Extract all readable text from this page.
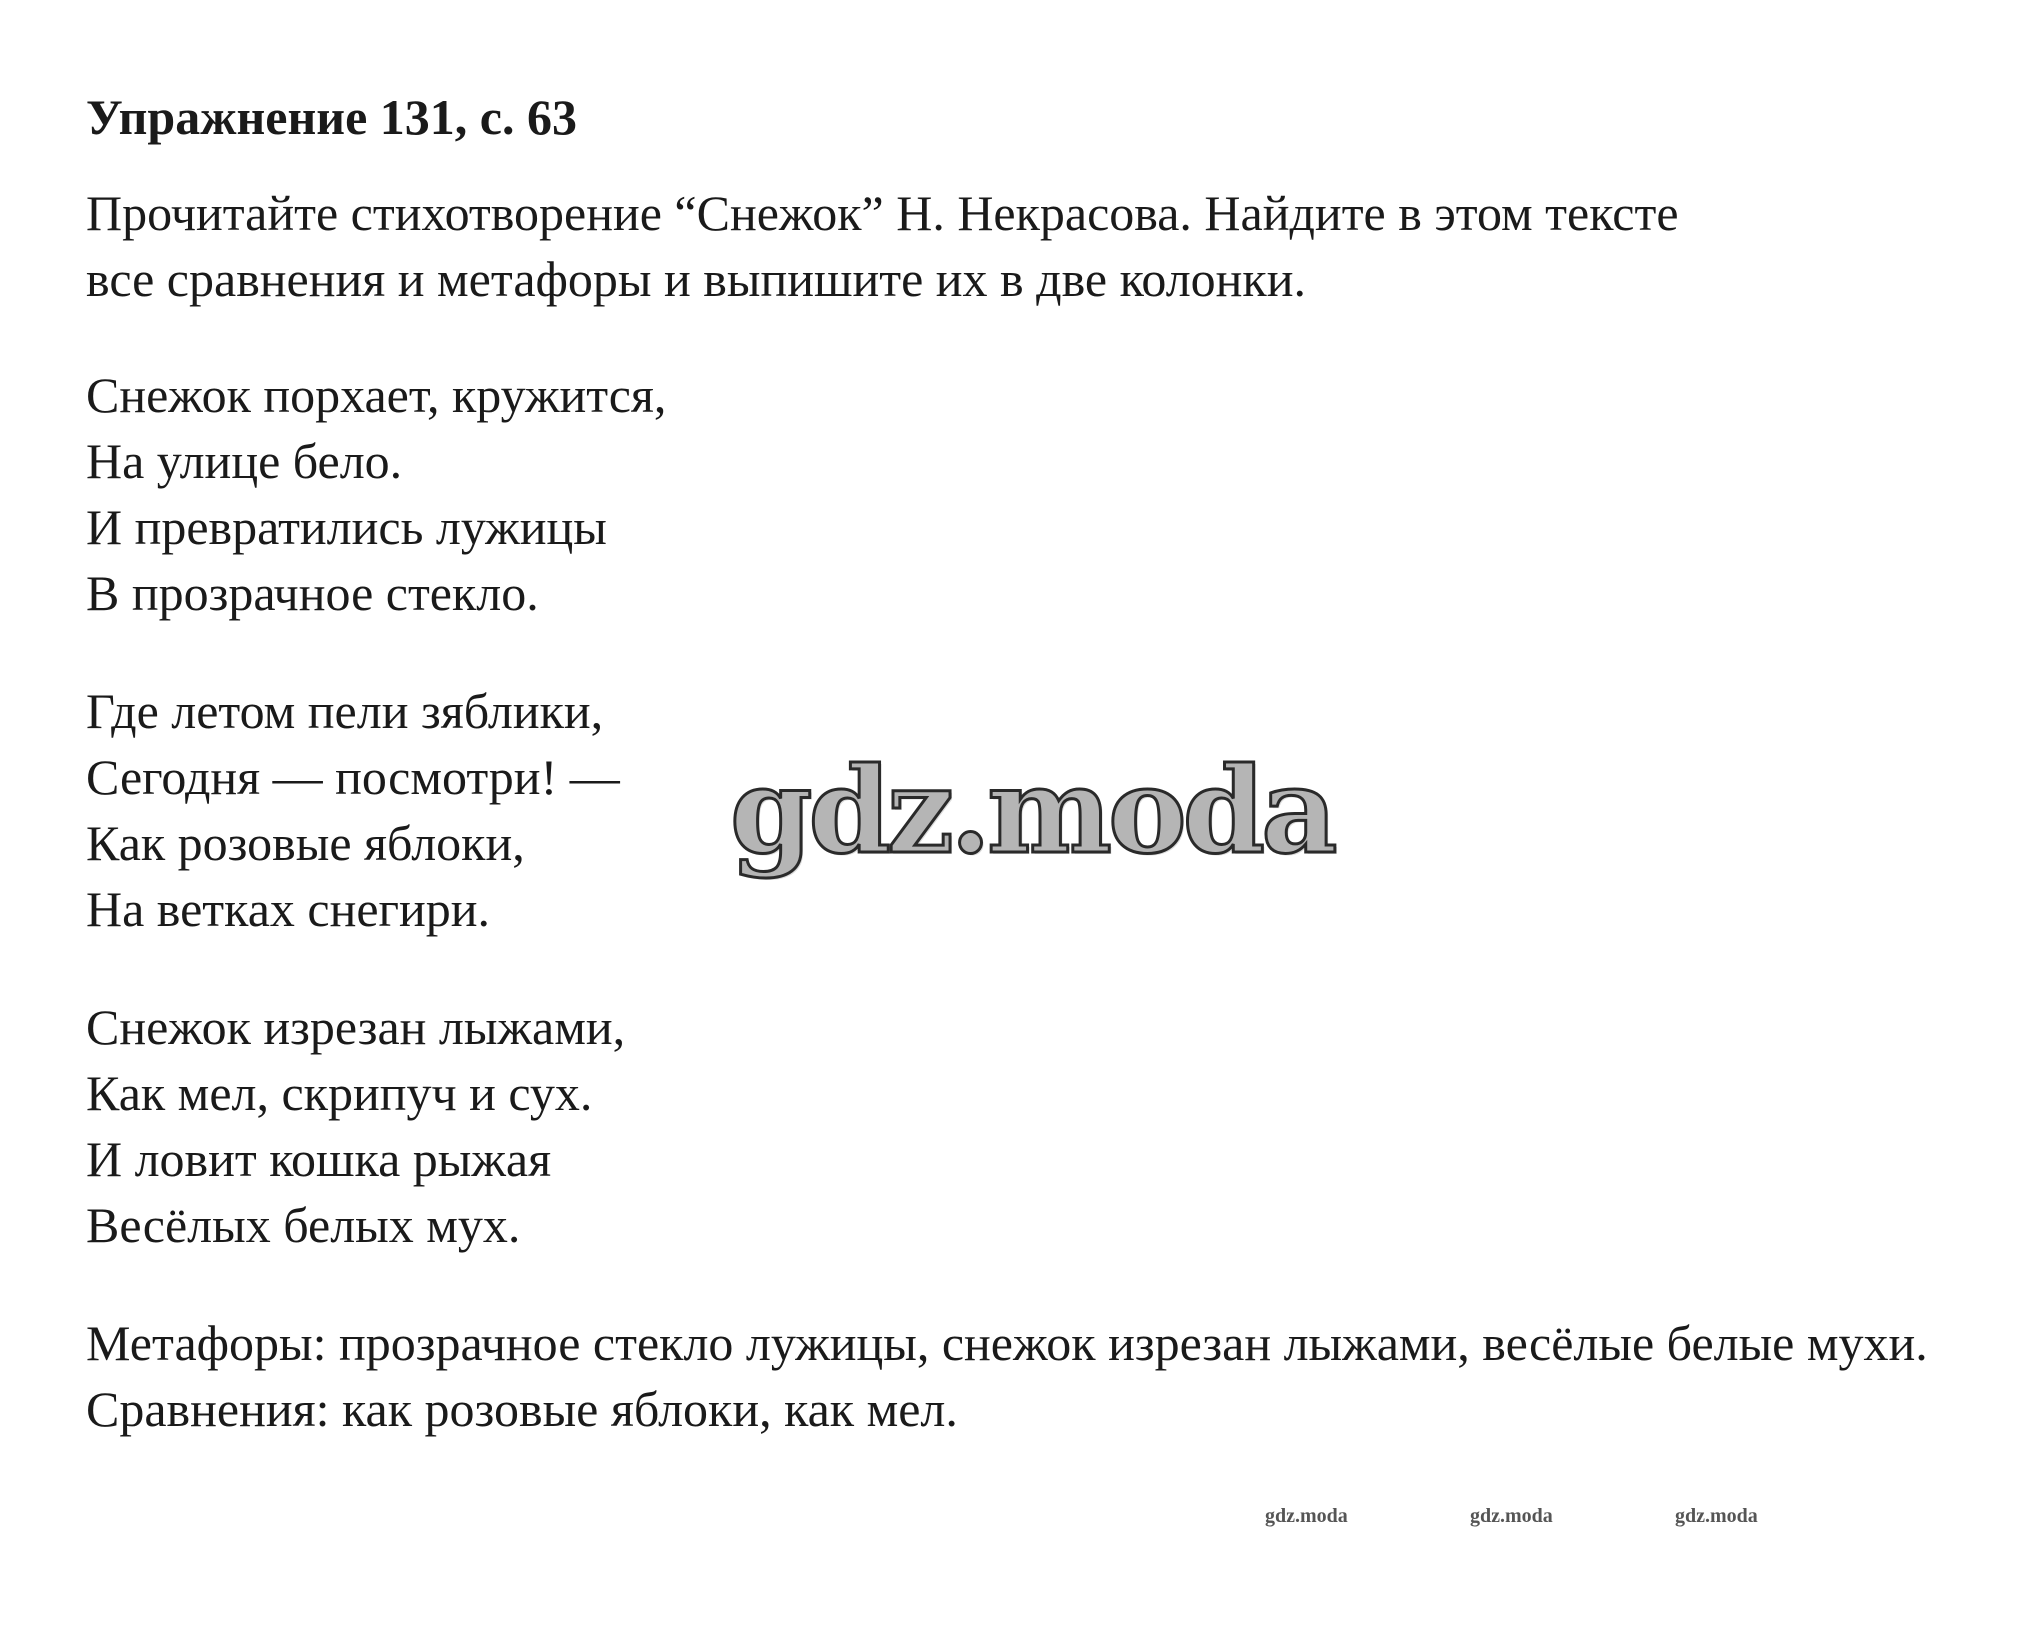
Упражнение 131, с. 63
Прочитайте стихотворение “Снежок” Н. Некрасова. Найдите в этом тексте
все сравнения и метафоры и выпишите их в две колонки.
Снежок порхает, кружится,
На улице бело.
И превратились лужицы
В прозрачное стекло.
Где летом пели зяблики,
Сегодня — посмотри! —
Как розовые яблоки,
На ветках снегири.
Снежок изрезан лыжами,
Как мел, скрипуч и сух.
И ловит кошка рыжая
Весёлых белых мух.
Метафоры: прозрачное стекло лужицы, снежок изрезан лыжами, весёлые белые мухи.
Сравнения: как розовые яблоки, как мел.
gdz.moda
gdz.moda	gdz.moda	gdz.moda
